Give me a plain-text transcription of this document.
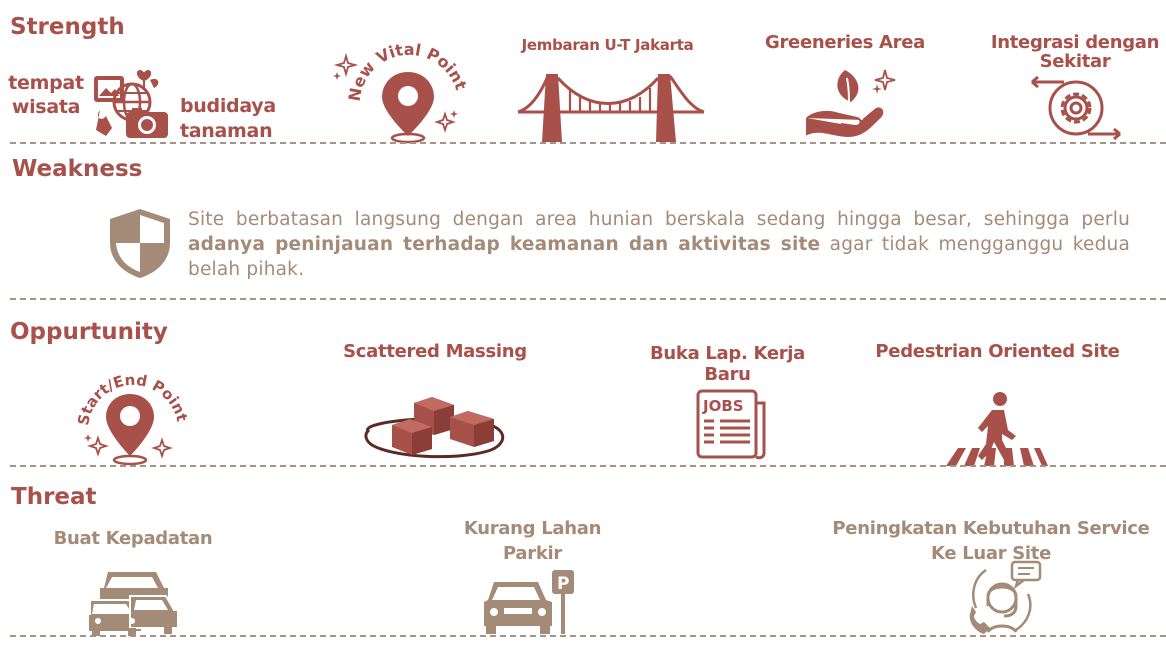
Strength
tempat
wisata	budidaya
tanaman
New Vital Point
Jembaran U-T Jakarta	Greeneries Area	Integrasi dengan
Sekitar
Weakness
Site berbatasan langsung dengan area hunian berskala sedang hingga besar, sehingga perlu adanya peninjauan terhadap keamanan dan aktivitas site agar tidak mengganggu kedua belah pihak.
Oppurtunity
Start/End Point
Scattered Massing	Buka Lap. Kerja
Baru
JOBS
Pedestrian Oriented Site
Threat
Buat Kepadatan	Kurang Lahan
Parkir
P
Peningkatan Kebutuhan Service
Ke Luar Site
